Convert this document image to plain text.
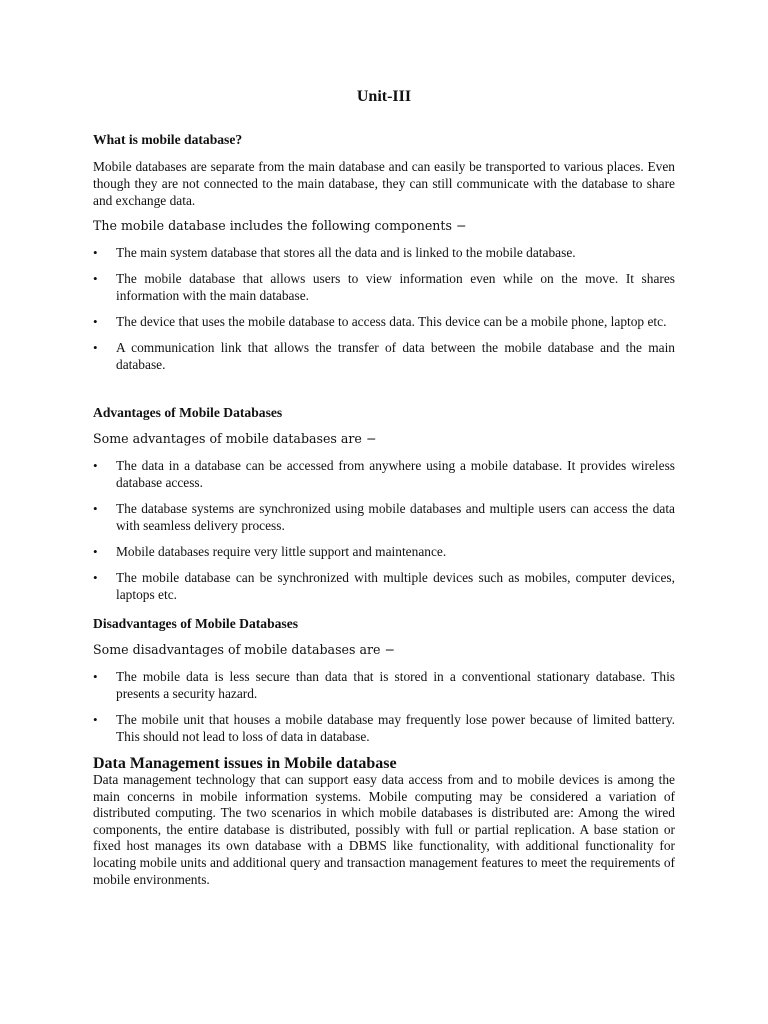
Unit-III
What is mobile database?
Mobile databases are separate from the main database and can easily be transported to various places. Even though they are not connected to the main database, they can still communicate with the database to share and exchange data.
The mobile database includes the following components −
• The main system database that stores all the data and is linked to the mobile database.
• The mobile database that allows users to view information even while on the move. It shares information with the main database.
• The device that uses the mobile database to access data. This device can be a mobile phone, laptop etc.
• A communication link that allows the transfer of data between the mobile database and the main database.
Advantages of Mobile Databases
Some advantages of mobile databases are −
• The data in a database can be accessed from anywhere using a mobile database. It provides wireless database access.
• The database systems are synchronized using mobile databases and multiple users can access the data with seamless delivery process.
• Mobile databases require very little support and maintenance.
• The mobile database can be synchronized with multiple devices such as mobiles, computer devices, laptops etc.
Disadvantages of Mobile Databases
Some disadvantages of mobile databases are −
• The mobile data is less secure than data that is stored in a conventional stationary database. This presents a security hazard.
• The mobile unit that houses a mobile database may frequently lose power because of limited battery. This should not lead to loss of data in database.
Data Management issues in Mobile database
Data management technology that can support easy data access from and to mobile devices is among the main concerns in mobile information systems. Mobile computing may be considered a variation of distributed computing. The two scenarios in which mobile databases is distributed are: Among the wired components, the entire database is distributed, possibly with full or partial replication. A base station or fixed host manages its own database with a DBMS like functionality, with additional functionality for locating mobile units and additional query and transaction management features to meet the requirements of mobile environments.
